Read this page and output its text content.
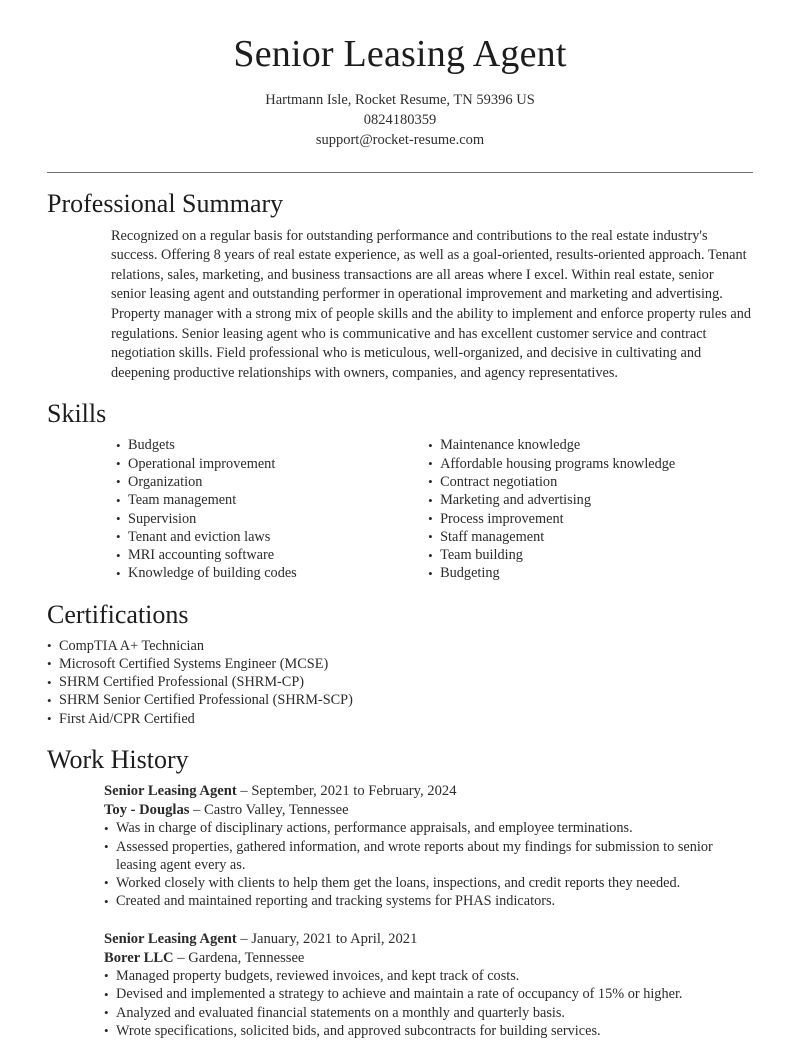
Senior Leasing Agent

Hartmann Isle, Rocket Resume, TN 59396 US

0824180359

support@rocket-resume.com

Professional Summary
Recognized on a regular basis for outstanding performance and contributions to the real estate industry's success. Offering 8 years of real estate experience, as well as a goal-oriented, results-oriented approach. Tenant relations, sales, marketing, and business transactions are all areas where I excel. Within real estate, senior senior leasing agent and outstanding performer in operational improvement and marketing and advertising. Property manager with a strong mix of people skills and the ability to implement and enforce property rules and regulations. Senior leasing agent who is communicative and has excellent customer service and contract negotiation skills. Field professional who is meticulous, well-organized, and decisive in cultivating and deepening productive relationships with owners, companies, and agency representatives.
Skills
• Budgets
• Operational improvement
• Organization
• Team management
• Supervision
• Tenant and eviction laws
• MRI accounting software
• Knowledge of building codes
• Maintenance knowledge
• Affordable housing programs knowledge
• Contract negotiation
• Marketing and advertising
• Process improvement
• Staff management
• Team building
• Budgeting
Certifications
• CompTIA A+ Technician
• Microsoft Certified Systems Engineer (MCSE)
• SHRM Certified Professional (SHRM-CP)
• SHRM Senior Certified Professional (SHRM-SCP)
• First Aid/CPR Certified
Work History
Senior Leasing Agent – September, 2021 to February, 2024
Toy - Douglas – Castro Valley, Tennessee
• Was in charge of disciplinary actions, performance appraisals, and employee terminations.
• Assessed properties, gathered information, and wrote reports about my findings for submission to senior leasing agent every as.
• Worked closely with clients to help them get the loans, inspections, and credit reports they needed.
• Created and maintained reporting and tracking systems for PHAS indicators.
Senior Leasing Agent – January, 2021 to April, 2021
Borer LLC – Gardena, Tennessee
• Managed property budgets, reviewed invoices, and kept track of costs.
• Devised and implemented a strategy to achieve and maintain a rate of occupancy of 15% or higher.
• Analyzed and evaluated financial statements on a monthly and quarterly basis.
• Wrote specifications, solicited bids, and approved subcontracts for building services.
